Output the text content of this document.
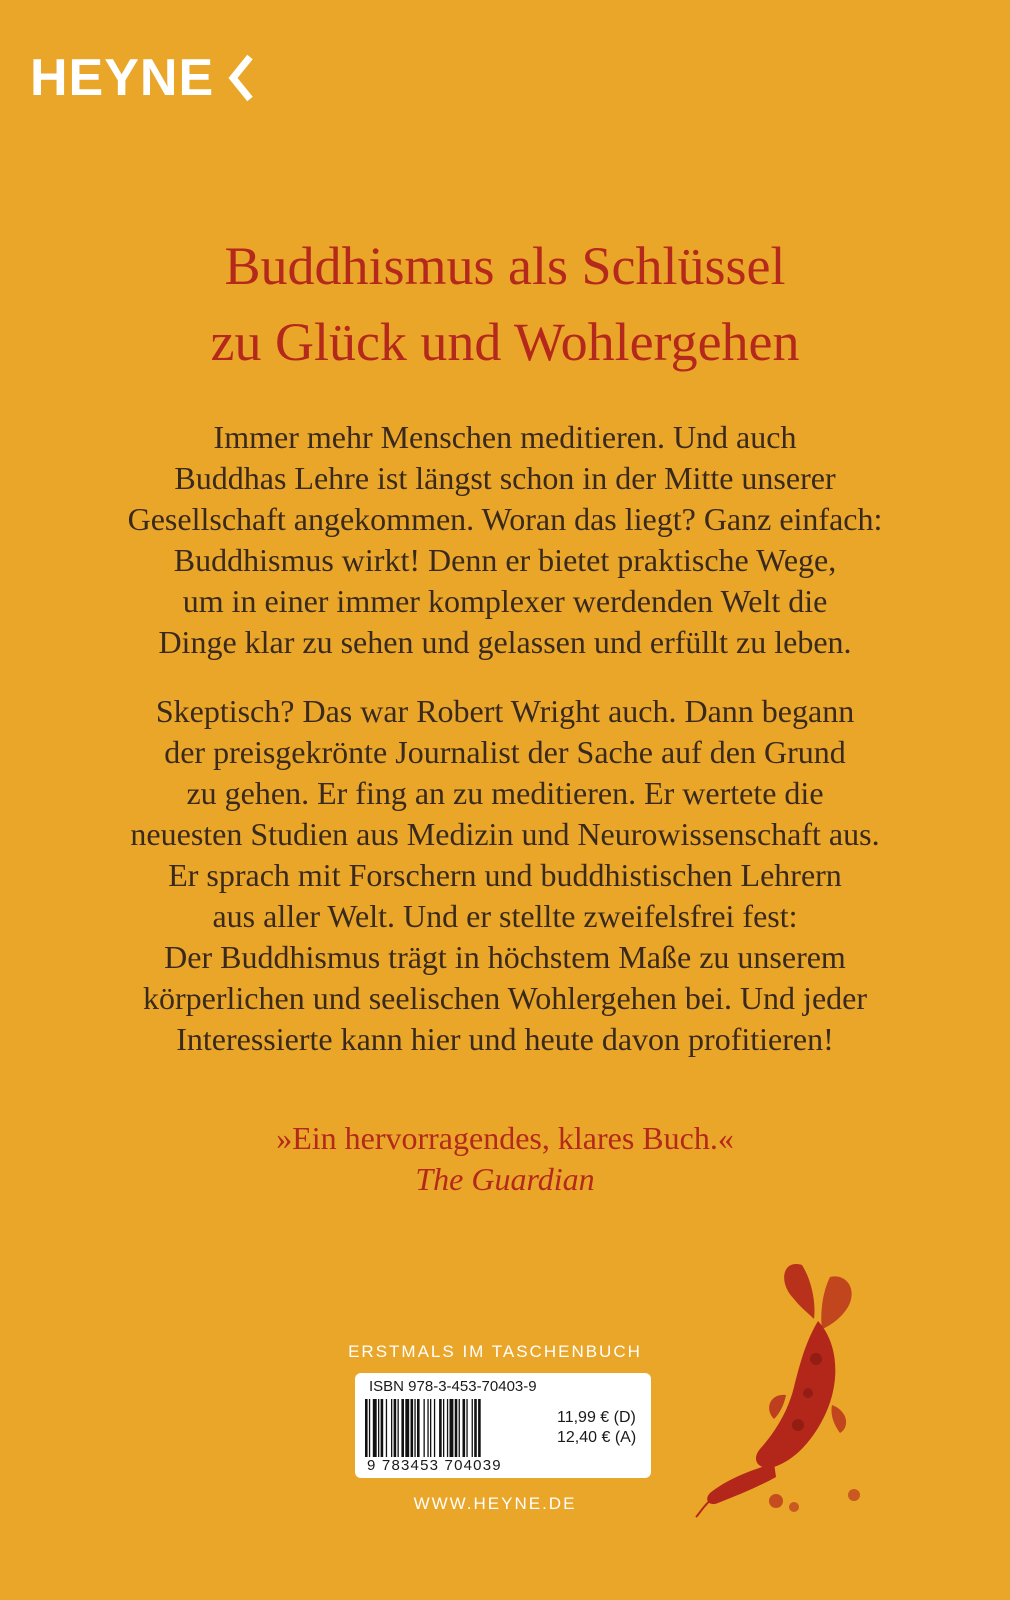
HEYNE
Buddhismus als Schlüssel
zu Glück und Wohlergehen
Immer mehr Menschen meditieren. Und auch
Buddhas Lehre ist längst schon in der Mitte unserer
Gesellschaft angekommen. Woran das liegt? Ganz einfach:
Buddhismus wirkt! Denn er bietet praktische Wege,
um in einer immer komplexer werdenden Welt die
Dinge klar zu sehen und gelassen und erfüllt zu leben.
Skeptisch? Das war Robert Wright auch. Dann begann
der preisgekrönte Journalist der Sache auf den Grund
zu gehen. Er fing an zu meditieren. Er wertete die
neuesten Studien aus Medizin und Neurowissenschaft aus.
Er sprach mit Forschern und buddhistischen Lehrern
aus aller Welt. Und er stellte zweifelsfrei fest:
Der Buddhismus trägt in höchstem Maße zu unserem
körperlichen und seelischen Wohlergehen bei. Und jeder
Interessierte kann hier und heute davon profitieren!
»Ein hervorragendes, klares Buch.«
The Guardian
ERSTMALS IM TASCHENBUCH
ISBN 978-3-453-70403-9
9 783453 704039
11,99 € (D)
12,40 € (A)
WWW.HEYNE.DE
